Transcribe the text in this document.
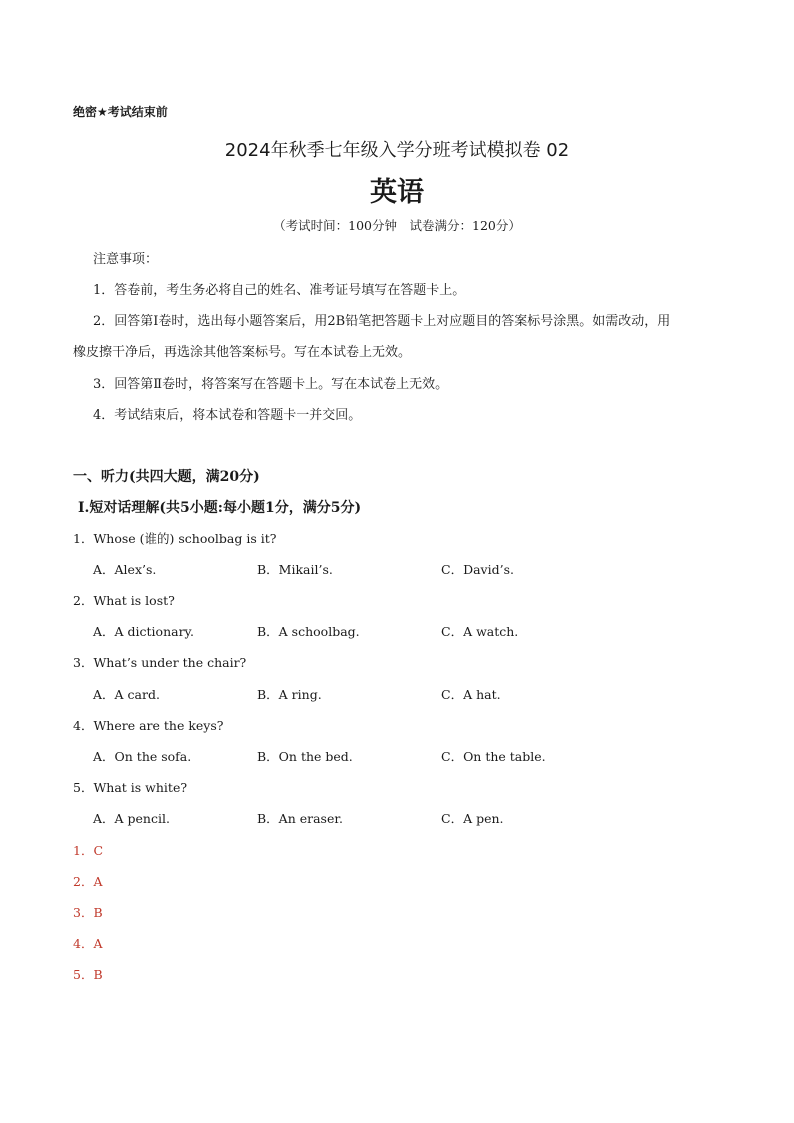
绝密★考试结束前
2024年秋季七年级入学分班考试模拟卷 02
英语
（考试时间：100分钟　试卷满分：120分）
注意事项：
1．答卷前，考生务必将自己的姓名、准考证号填写在答题卡上。
2．回答第Ⅰ卷时，选出每小题答案后，用2B铅笔把答题卡上对应题目的答案标号涂黑。如需改动，用
橡皮擦干净后，再选涂其他答案标号。写在本试卷上无效。
3．回答第Ⅱ卷时，将答案写在答题卡上。写在本试卷上无效。
4．考试结束后，将本试卷和答题卡一并交回。
一、听力(共四大题，满20分)
Ⅰ.短对话理解(共5小题:每小题1分，满分5分)
1．Whose (谁的) schoolbag is it?
A．Alex’s.	B．Mikail’s.	C．David’s.
2．What is lost?
A．A dictionary.	B．A schoolbag.	C．A watch.
3．What’s under the chair?
A．A card.	B．A ring.	C．A hat.
4．Where are the keys?
A．On the sofa.	B．On the bed.	C．On the table.
5．What is white?
A．A pencil.	B．An eraser.	C．A pen.
1．C
2．A
3．B
4．A
5．B
